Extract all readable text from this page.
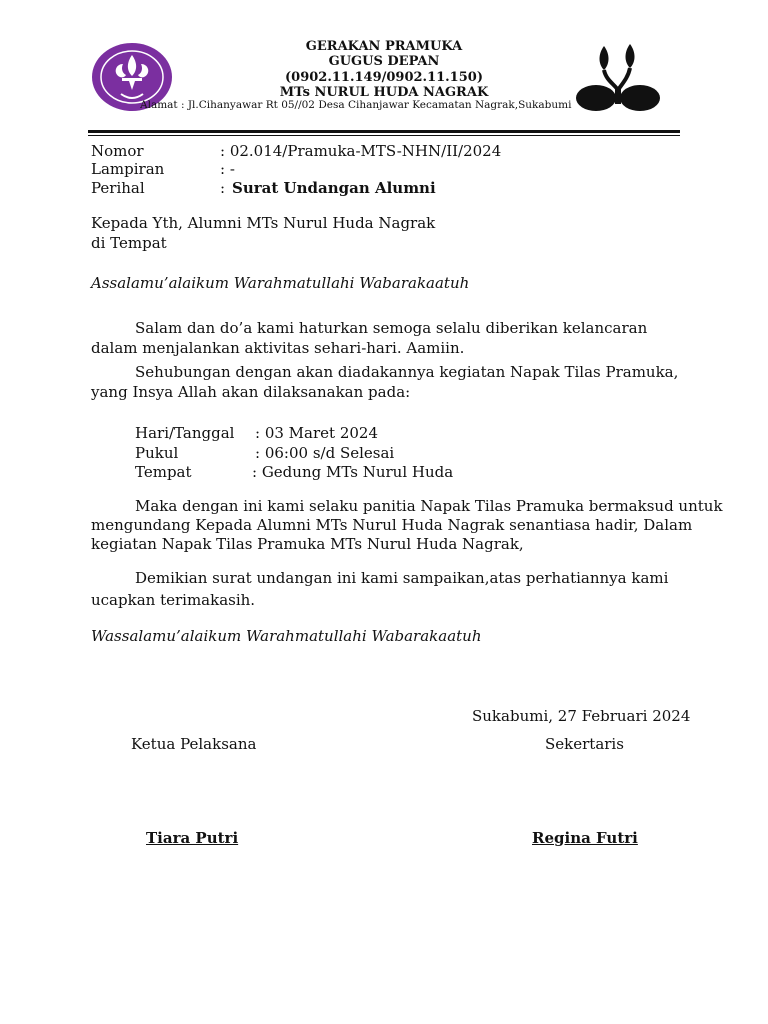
GERAKAN PRAMUKA
GUGUS DEPAN
(0902.11.149/0902.11.150)
MTs NURUL HUDA NAGRAK
Alamat : Jl.Cihanyawar Rt 05//02 Desa Cihanjawar Kecamatan Nagrak,Sukabumi
Nomor	: 02.014/Pramuka-MTS-NHN/II/2024
Lampiran	: -
Perihal	: Surat Undangan Alumni
Kepada Yth, Alumni MTs Nurul Huda Nagrak
di Tempat
Assalamu’alaikum Warahmatullahi Wabarakaatuh
Salam dan do’a kami haturkan semoga selalu diberikan kelancaran
dalam menjalankan aktivitas sehari-hari. Aamiin.
Sehubungan dengan akan diadakannya kegiatan Napak Tilas Pramuka,
yang Insya Allah akan dilaksanakan pada:
Hari/Tanggal : 03 Maret 2024
Pukul	: 06:00 s/d Selesai
Tempat	: Gedung MTs Nurul Huda
Maka dengan ini kami selaku panitia Napak Tilas Pramuka bermaksud untuk
mengundang Kepada Alumni MTs Nurul Huda Nagrak senantiasa hadir, Dalam
kegiatan Napak Tilas Pramuka MTs Nurul Huda Nagrak,
Demikian surat undangan ini kami sampaikan,atas perhatiannya kami
ucapkan terimakasih.
Wassalamu’alaikum Warahmatullahi Wabarakaatuh
Sukabumi, 27 Februari 2024
Ketua Pelaksana	Sekertaris
Tiara Putri	Regina Futri
